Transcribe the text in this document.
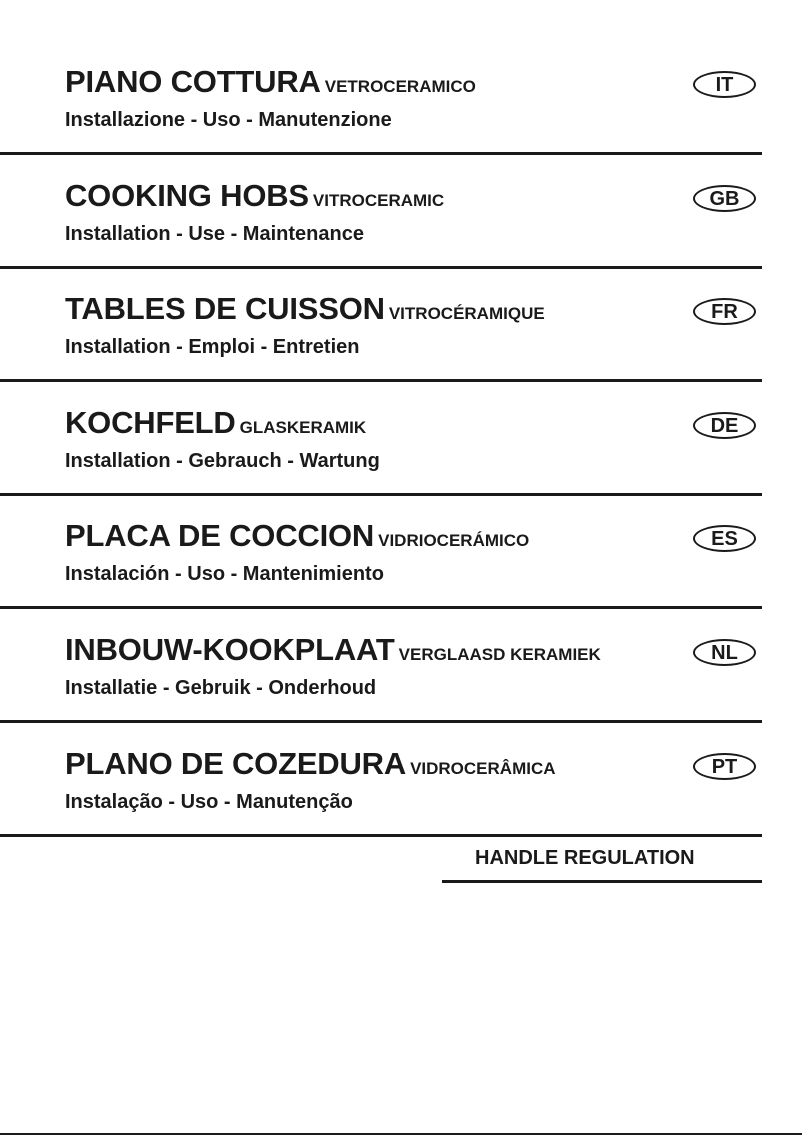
PIANO COTTURA VETROCERAMICO
Installazione - Uso - Manutenzione
IT
COOKING HOBS VITROCERAMIC
Installation - Use - Maintenance
GB
TABLES DE CUISSON VITROCÉRAMIQUE
Installation - Emploi - Entretien
FR
KOCHFELD GLASKERAMIK
Installation - Gebrauch - Wartung
DE
PLACA DE COCCION VIDRIOCERÁMICO
Instalación - Uso - Mantenimiento
ES
INBOUW-KOOKPLAAT VERGLAASD KERAMIEK
Installatie - Gebruik - Onderhoud
NL
PLANO DE COZEDURA VIDROCERÂMICA
Instalação - Uso - Manutenção
PT
HANDLE REGULATION
